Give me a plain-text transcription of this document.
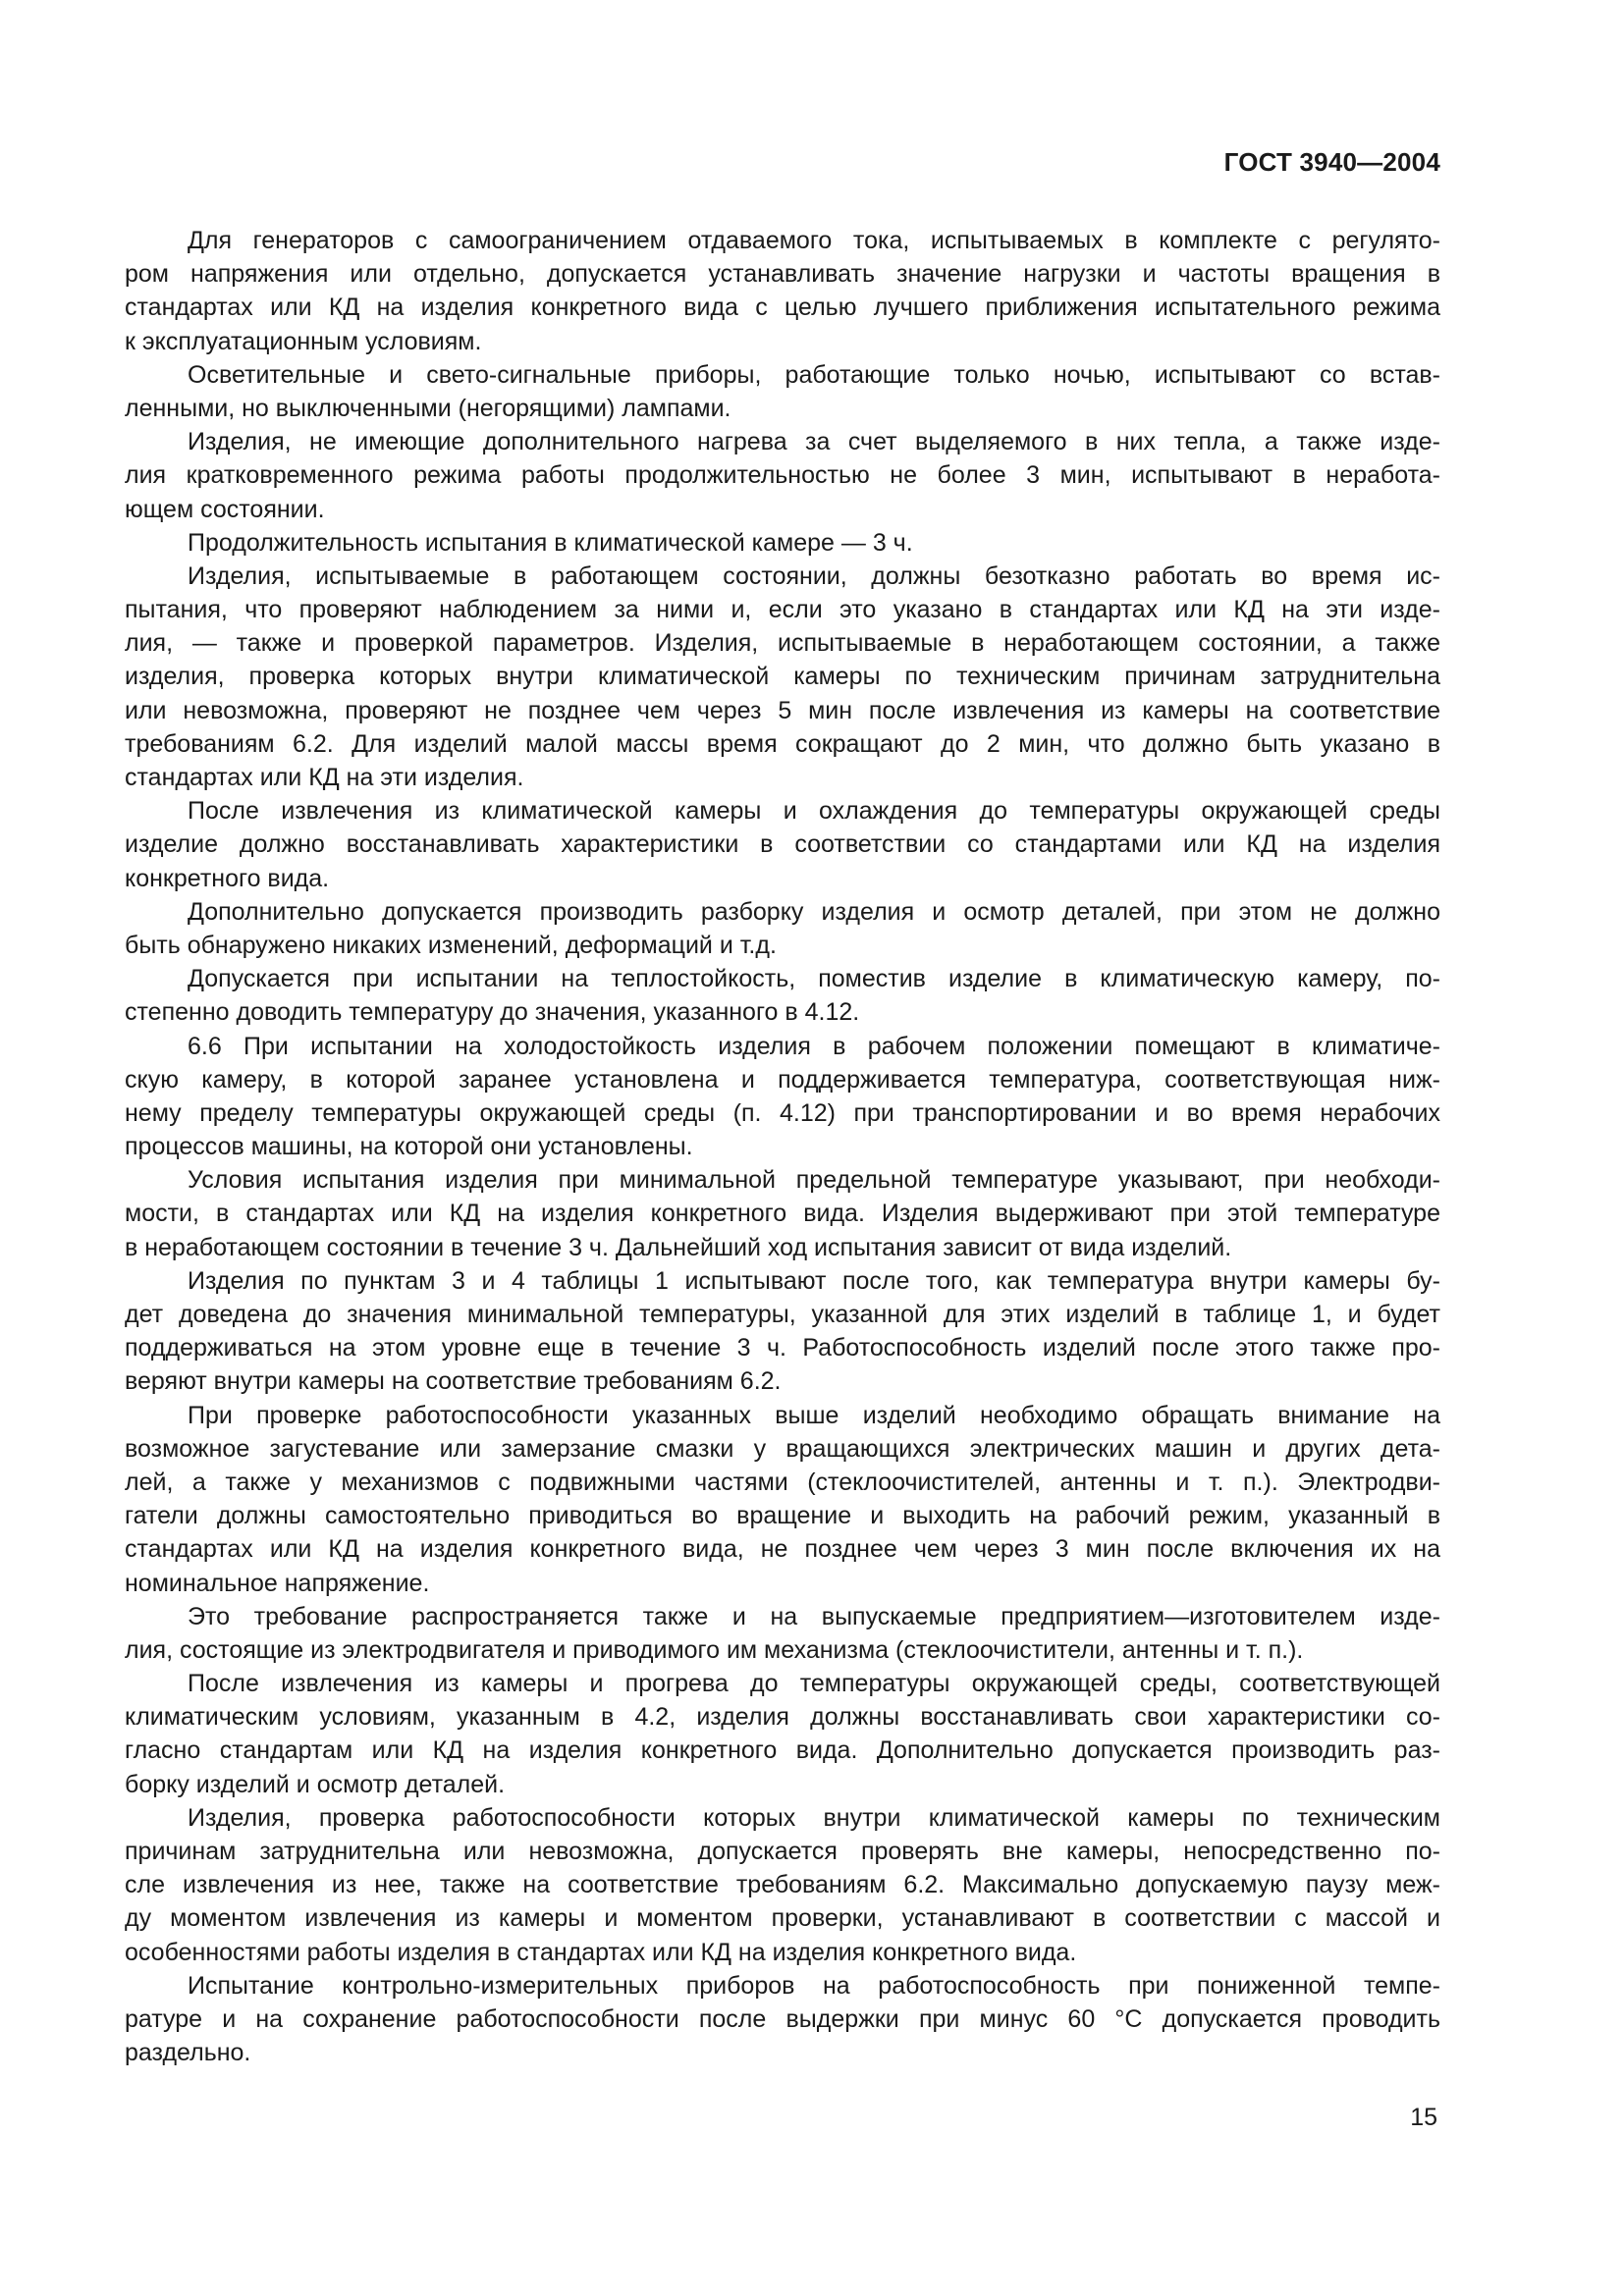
ГОСТ 3940—2004
Для генераторов с самоограничением отдаваемого тока, испытываемых в комплекте с регулято-
ром напряжения или отдельно, допускается устанавливать значение нагрузки и частоты вращения в
стандартах или КД на изделия конкретного вида с целью лучшего приближения испытательного режима
к эксплуатационным условиям.
Осветительные и свето-сигнальные приборы, работающие только ночью, испытывают со встав-
ленными, но выключенными (негорящими) лампами.
Изделия, не имеющие дополнительного нагрева за счет выделяемого в них тепла, а также изде-
лия кратковременного режима работы продолжительностью не более 3 мин, испытывают в неработа-
ющем состоянии.
Продолжительность испытания в климатической камере — 3 ч.
Изделия, испытываемые в работающем состоянии, должны безотказно работать во время ис-
пытания, что проверяют наблюдением за ними и, если это указано в стандартах или КД на эти изде-
лия, — также и проверкой параметров. Изделия, испытываемые в неработающем состоянии, а также
изделия, проверка которых внутри климатической камеры по техническим причинам затруднительна
или невозможна, проверяют не позднее чем через 5 мин после извлечения из камеры на соответствие
требованиям 6.2. Для изделий малой массы время сокращают до 2 мин, что должно быть указано в
стандартах или КД на эти изделия.
После извлечения из климатической камеры и охлаждения до температуры окружающей среды
изделие должно восстанавливать характеристики в соответствии со стандартами или КД на изделия
конкретного вида.
Дополнительно допускается производить разборку изделия и осмотр деталей, при этом не должно
быть обнаружено никаких изменений, деформаций и т.д.
Допускается при испытании на теплостойкость, поместив изделие в климатическую камеру, по-
степенно доводить температуру до значения, указанного в 4.12.
6.6 При испытании на холодостойкость изделия в рабочем положении помещают в климатиче-
скую камеру, в которой заранее установлена и поддерживается температура, соответствующая ниж-
нему пределу температуры окружающей среды (п. 4.12) при транспортировании и во время нерабочих
процессов машины, на которой они установлены.
Условия испытания изделия при минимальной предельной температуре указывают, при необходи-
мости, в стандартах или КД на изделия конкретного вида. Изделия выдерживают при этой температуре
в неработающем состоянии в течение 3 ч. Дальнейший ход испытания зависит от вида изделий.
Изделия по пунктам 3 и 4 таблицы 1 испытывают после того, как температура внутри камеры бу-
дет доведена до значения минимальной температуры, указанной для этих изделий в таблице 1, и будет
поддерживаться на этом уровне еще в течение 3 ч. Работоспособность изделий после этого также про-
веряют внутри камеры на соответствие требованиям 6.2.
При проверке работоспособности указанных выше изделий необходимо обращать внимание на
возможное загустевание или замерзание смазки у вращающихся электрических машин и других дета-
лей, а также у механизмов с подвижными частями (стеклоочистителей, антенны и т. п.). Электродви-
гатели должны самостоятельно приводиться во вращение и выходить на рабочий режим, указанный в
стандартах или КД на изделия конкретного вида, не позднее чем через 3 мин после включения их на
номинальное напряжение.
Это требование распространяется также и на выпускаемые предприятием—изготовителем изде-
лия, состоящие из электродвигателя и приводимого им механизма (стеклоочистители, антенны и т. п.).
После извлечения из камеры и прогрева до температуры окружающей среды, соответствующей
климатическим условиям, указанным в 4.2, изделия должны восстанавливать свои характеристики со-
гласно стандартам или КД на изделия конкретного вида. Дополнительно допускается производить раз-
борку изделий и осмотр деталей.
Изделия, проверка работоспособности которых внутри климатической камеры по техническим
причинам затруднительна или невозможна, допускается проверять вне камеры, непосредственно по-
сле извлечения из нее, также на соответствие требованиям 6.2. Максимально допускаемую паузу меж-
ду моментом извлечения из камеры и моментом проверки, устанавливают в соответствии с массой и
особенностями работы изделия в стандартах или КД на изделия конкретного вида.
Испытание контрольно-измерительных приборов на работоспособность при пониженной темпе-
ратуре и на сохранение работоспособности после выдержки при минус 60 °С допускается проводить
раздельно.
15
